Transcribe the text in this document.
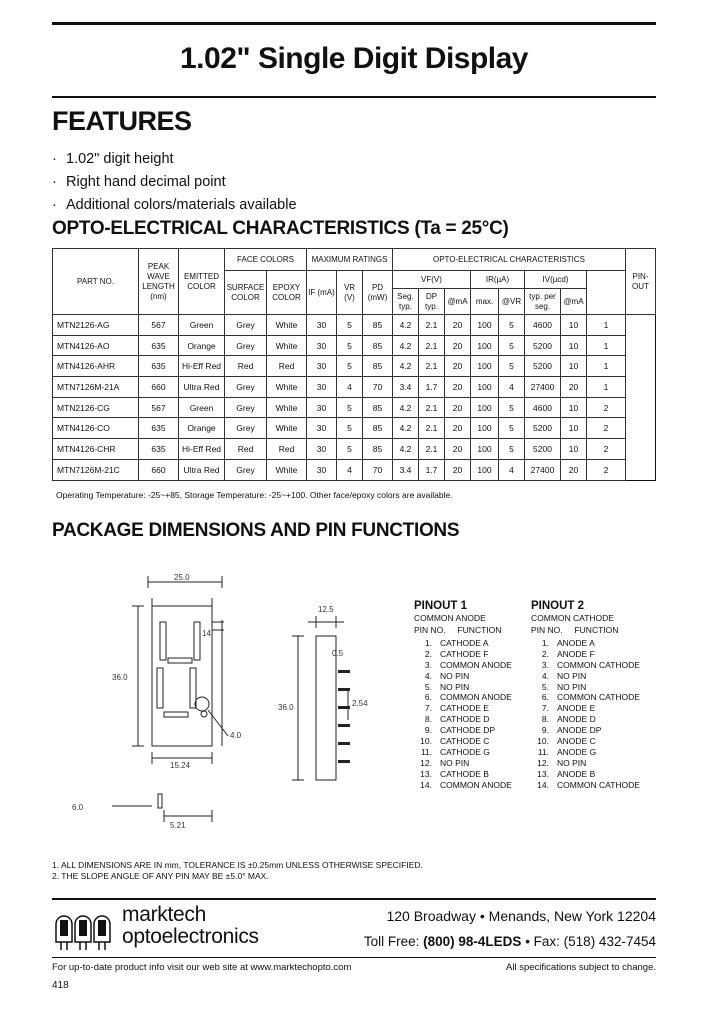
1.02" Single Digit Display
FEATURES
· 1.02" digit height
· Right hand decimal point
· Additional colors/materials available
OPTO-ELECTRICAL CHARACTERISTICS (Ta = 25°C)
PART NO.	PEAK WAVE LENGTH (nm)	EMITTED COLOR	FACE COLORS		MAXIMUM RATINGS			OPTO-ELECTRICAL CHARACTERISTICS								PIN-OUT
			SURFACE COLOR	EPOXY COLOR	IF (mA)	VR (V)	PD (mW)	VF(V)			IR(µA)		IV(µcd)			
								Seg. typ.	DP typ.	@mA	max.	@VR	typ. per seg.	@mA		
MTN2126-AG	567	Green	Grey	White	30	5	85	4.2	2.1	20	100	5	4600	10	1	
MTN4126-AO	635	Orange	Grey	White	30	5	85	4.2	2.1	20	100	5	5200	10	1	
MTN4126-AHR	635	Hi-Eff Red	Red	Red	30	5	85	4.2	2.1	20	100	5	5200	10	1	
MTN7126M-21A	660	Ultra Red	Grey	White	30	4	70	3.4	1.7	20	100	4	27400	20	1	
MTN2126-CG	567	Green	Grey	White	30	5	85	4.2	2.1	20	100	5	4600	10	2	
MTN4126-CO	635	Orange	Grey	White	30	5	85	4.2	2.1	20	100	5	5200	10	2	
MTN4126-CHR	635	Hi-Eff Red	Red	Red	30	5	85	4.2	2.1	20	100	5	5200	10	2	
MTN7126M-21C	660	Ultra Red	Grey	White	30	4	70	3.4	1.7	20	100	4	27400	20	2	
Operating Temperature: -25~+85, Storage Temperature: -25~+100. Other face/epoxy colors are available.
PACKAGE DIMENSIONS AND PIN FUNCTIONS
25.0
36.0
14
4.0
15.24
6.0
5.21
12.5
36.0
0.5
2.54
PINOUT 1
COMMON ANODE
PIN NO. FUNCTION
1. CATHODE A
2. CATHODE F
3. COMMON ANODE
4. NO PIN
5. NO PIN
6. COMMON ANODE
7. CATHODE E
8. CATHODE D
9. CATHODE DP
10. CATHODE C
11. CATHODE G
12. NO PIN
13. CATHODE B
14. COMMON ANODE
PINOUT 2
COMMON CATHODE
PIN NO. FUNCTION
1. ANODE A
2. ANODE F
3. COMMON CATHODE
4. NO PIN
5. NO PIN
6. COMMON CATHODE
7. ANODE E
8. ANODE D
9. ANODE DP
10. ANODE C
11. ANODE G
12. NO PIN
13. ANODE B
14. COMMON CATHODE
1. ALL DIMENSIONS ARE IN mm, TOLERANCE IS ±0.25mm UNLESS OTHERWISE SPECIFIED.
2. THE SLOPE ANGLE OF ANY PIN MAY BE ±5.0° MAX.
marktech
optoelectronics
120 Broadway • Menands, New York 12204
Toll Free: (800) 98-4LEDS • Fax: (518) 432-7454
For up-to-date product info visit our web site at www.marktechopto.com	All specifications subject to change.
418
